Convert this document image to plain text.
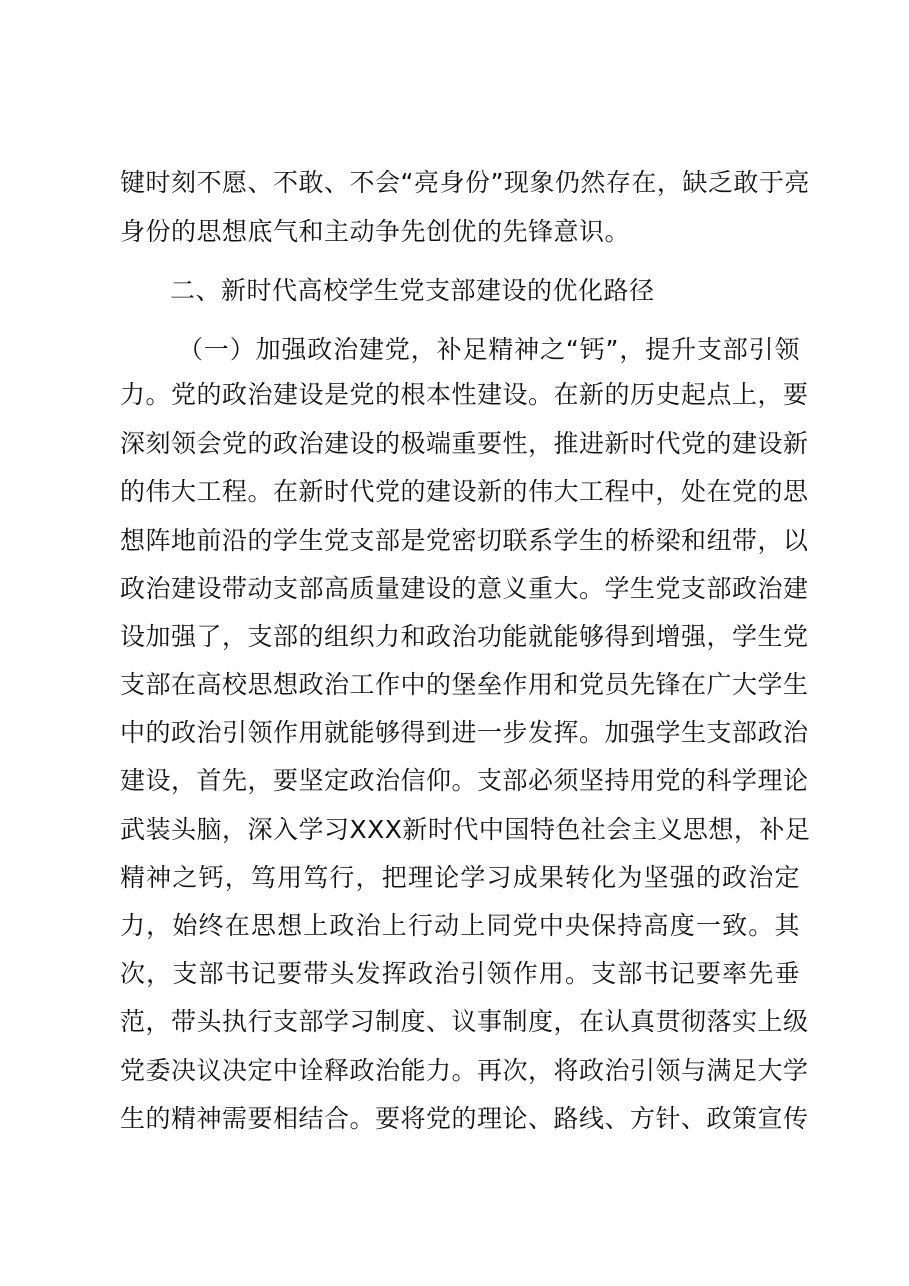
键时刻不愿、不敢、不会“亮身份”现象仍然存在，缺乏敢于亮
身份的思想底气和主动争先创优的先锋意识。
二、新时代高校学生党支部建设的优化路径
（一）加强政治建党，补足精神之“钙”，提升支部引领
力。党的政治建设是党的根本性建设。在新的历史起点上，要
深刻领会党的政治建设的极端重要性，推进新时代党的建设新
的伟大工程。在新时代党的建设新的伟大工程中，处在党的思
想阵地前沿的学生党支部是党密切联系学生的桥梁和纽带，以
政治建设带动支部高质量建设的意义重大。学生党支部政治建
设加强了，支部的组织力和政治功能就能够得到增强，学生党
支部在高校思想政治工作中的堡垒作用和党员先锋在广大学生
中的政治引领作用就能够得到进一步发挥。加强学生支部政治
建设，首先，要坚定政治信仰。支部必须坚持用党的科学理论
武装头脑，深入学习XXX新时代中国特色社会主义思想，补足
精神之钙，笃用笃行，把理论学习成果转化为坚强的政治定
力，始终在思想上政治上行动上同党中央保持高度一致。其
次，支部书记要带头发挥政治引领作用。支部书记要率先垂
范，带头执行支部学习制度、议事制度，在认真贯彻落实上级
党委决议决定中诠释政治能力。再次，将政治引领与满足大学
生的精神需要相结合。要将党的理论、路线、方针、政策宣传
